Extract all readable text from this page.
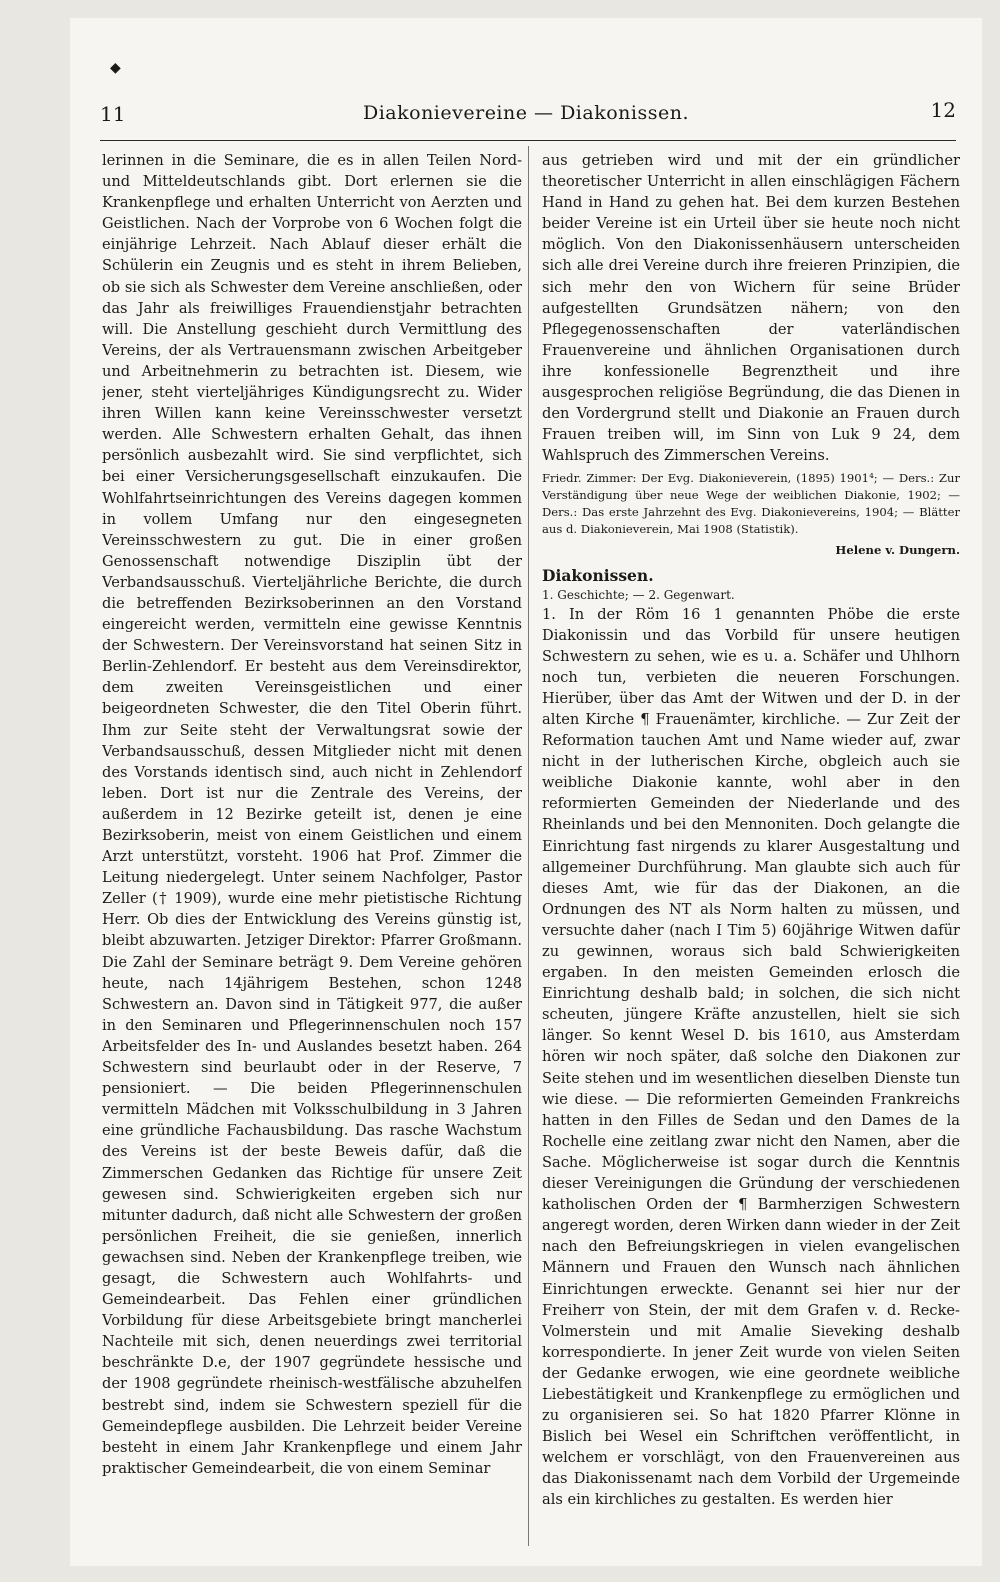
◆
11	Diakonievereine — Diakonissen.	12

lerinnen in die Seminare, die es in allen Teilen Nord- und Mitteldeutschlands gibt. Dort erlernen sie die Krankenpflege und erhalten Unterricht von Aerzten und Geistlichen. Nach der Vorprobe von 6 Wochen folgt die einjährige Lehrzeit. Nach Ablauf dieser erhält die Schülerin ein Zeugnis und es steht in ihrem Belieben, ob sie sich als Schwester dem Vereine anschließen, oder das Jahr als freiwilliges Frauendienstjahr betrachten will. Die Anstellung geschieht durch Vermittlung des Vereins, der als Vertrauensmann zwischen Arbeitgeber und Arbeitnehmerin zu betrachten ist. Diesem, wie jener, steht vierteljähriges Kündigungsrecht zu. Wider ihren Willen kann keine Vereinsschwester versetzt werden. Alle Schwestern erhalten Gehalt, das ihnen persönlich ausbezahlt wird. Sie sind verpflichtet, sich bei einer Versicherungsgesellschaft einzukaufen. Die Wohlfahrtseinrichtungen des Vereins dagegen kommen in vollem Umfang nur den eingesegneten Vereinsschwestern zu gut. Die in einer großen Genossenschaft notwendige Disziplin übt der Verbandsausschuß. Vierteljährliche Berichte, die durch die betreffenden Bezirksoberinnen an den Vorstand eingereicht werden, vermitteln eine gewisse Kenntnis der Schwestern. Der Vereinsvorstand hat seinen Sitz in Berlin-Zehlendorf. Er besteht aus dem Vereinsdirektor, dem zweiten Vereinsgeistlichen und einer beigeordneten Schwester, die den Titel Oberin führt. Ihm zur Seite steht der Verwaltungsrat sowie der Verbandsausschuß, dessen Mitglieder nicht mit denen des Vorstands identisch sind, auch nicht in Zehlendorf leben. Dort ist nur die Zentrale des Vereins, der außerdem in 12 Bezirke geteilt ist, denen je eine Bezirksoberin, meist von einem Geistlichen und einem Arzt unterstützt, vorsteht. 1906 hat Prof. Zimmer die Leitung niedergelegt. Unter seinem Nachfolger, Pastor Zeller († 1909), wurde eine mehr pietistische Richtung Herr. Ob dies der Entwicklung des Vereins günstig ist, bleibt abzuwarten. Jetziger Direktor: Pfarrer Großmann. Die Zahl der Seminare beträgt 9. Dem Vereine gehören heute, nach 14jährigem Bestehen, schon 1248 Schwestern an. Davon sind in Tätigkeit 977, die außer in den Seminaren und Pflegerinnenschulen noch 157 Arbeitsfelder des In- und Auslandes besetzt haben. 264 Schwestern sind beurlaubt oder in der Reserve, 7 pensioniert. — Die beiden Pflegerinnenschulen vermitteln Mädchen mit Volksschulbildung in 3 Jahren eine gründliche Fachausbildung. Das rasche Wachstum des Vereins ist der beste Beweis dafür, daß die Zimmerschen Gedanken das Richtige für unsere Zeit gewesen sind. Schwierigkeiten ergeben sich nur mitunter dadurch, daß nicht alle Schwestern der großen persönlichen Freiheit, die sie genießen, innerlich gewachsen sind. Neben der Krankenpflege treiben, wie gesagt, die Schwestern auch Wohlfahrts- und Gemeindearbeit. Das Fehlen einer gründlichen Vorbildung für diese Arbeitsgebiete bringt mancherlei Nachteile mit sich, denen neuerdings zwei territorial beschränkte D.e, der 1907 gegründete hessische und der 1908 gegründete rheinisch-westfälische abzuhelfen bestrebt sind, indem sie Schwestern speziell für die Gemeindepflege ausbilden. Die Lehrzeit beider Vereine besteht in einem Jahr Krankenpflege und einem Jahr praktischer Gemeindearbeit, die von einem Seminar

aus getrieben wird und mit der ein gründlicher theoretischer Unterricht in allen einschlägigen Fächern Hand in Hand zu gehen hat. Bei dem kurzen Bestehen beider Vereine ist ein Urteil über sie heute noch nicht möglich. Von den Diakonissenhäusern unterscheiden sich alle drei Vereine durch ihre freieren Prinzipien, die sich mehr den von Wichern für seine Brüder aufgestellten Grundsätzen nähern; von den Pflegegenossenschaften der vaterländischen Frauenvereine und ähnlichen Organisationen durch ihre konfessionelle Begrenztheit und ihre ausgesprochen religiöse Begründung, die das Dienen in den Vordergrund stellt und Diakonie an Frauen durch Frauen treiben will, im Sinn von Luk 9 24, dem Wahlspruch des Zimmerschen Vereins.

Friedr. Zimmer: Der Evg. Diakonieverein, (1895) 1901⁴; — Ders.: Zur Verständigung über neue Wege der weiblichen Diakonie, 1902; — Ders.: Das erste Jahrzehnt des Evg. Diakonievereins, 1904; — Blätter aus d. Diakonieverein, Mai 1908 (Statistik).

Helene v. Dungern.

Diakonissen.

1. Geschichte; — 2. Gegenwart.

1. In der Röm 16 1 genannten Phöbe die erste Diakonissin und das Vorbild für unsere heutigen Schwestern zu sehen, wie es u. a. Schäfer und Uhlhorn noch tun, verbieten die neueren Forschungen. Hierüber, über das Amt der Witwen und der D. in der alten Kirche ¶ Frauenämter, kirchliche. — Zur Zeit der Reformation tauchen Amt und Name wieder auf, zwar nicht in der lutherischen Kirche, obgleich auch sie weibliche Diakonie kannte, wohl aber in den reformierten Gemeinden der Niederlande und des Rheinlands und bei den Mennoniten. Doch gelangte die Einrichtung fast nirgends zu klarer Ausgestaltung und allgemeiner Durchführung. Man glaubte sich auch für dieses Amt, wie für das der Diakonen, an die Ordnungen des NT als Norm halten zu müssen, und versuchte daher (nach I Tim 5) 60jährige Witwen dafür zu gewinnen, woraus sich bald Schwierigkeiten ergaben. In den meisten Gemeinden erlosch die Einrichtung deshalb bald; in solchen, die sich nicht scheuten, jüngere Kräfte anzustellen, hielt sie sich länger. So kennt Wesel D. bis 1610, aus Amsterdam hören wir noch später, daß solche den Diakonen zur Seite stehen und im wesentlichen dieselben Dienste tun wie diese. — Die reformierten Gemeinden Frankreichs hatten in den Filles de Sedan und den Dames de la Rochelle eine zeitlang zwar nicht den Namen, aber die Sache. Möglicherweise ist sogar durch die Kenntnis dieser Vereinigungen die Gründung der verschiedenen katholischen Orden der ¶ Barmherzigen Schwestern angeregt worden, deren Wirken dann wieder in der Zeit nach den Befreiungskriegen in vielen evangelischen Männern und Frauen den Wunsch nach ähnlichen Einrichtungen erweckte. Genannt sei hier nur der Freiherr von Stein, der mit dem Grafen v. d. Recke-Volmerstein und mit Amalie Sieveking deshalb korrespondierte. In jener Zeit wurde von vielen Seiten der Gedanke erwogen, wie eine geordnete weibliche Liebestätigkeit und Krankenpflege zu ermöglichen und zu organisieren sei. So hat 1820 Pfarrer Klönne in Bislich bei Wesel ein Schriftchen veröffentlicht, in welchem er vorschlägt, von den Frauenvereinen aus das Diakonissenamt nach dem Vorbild der Urgemeinde als ein kirchliches zu gestalten. Es werden hier
